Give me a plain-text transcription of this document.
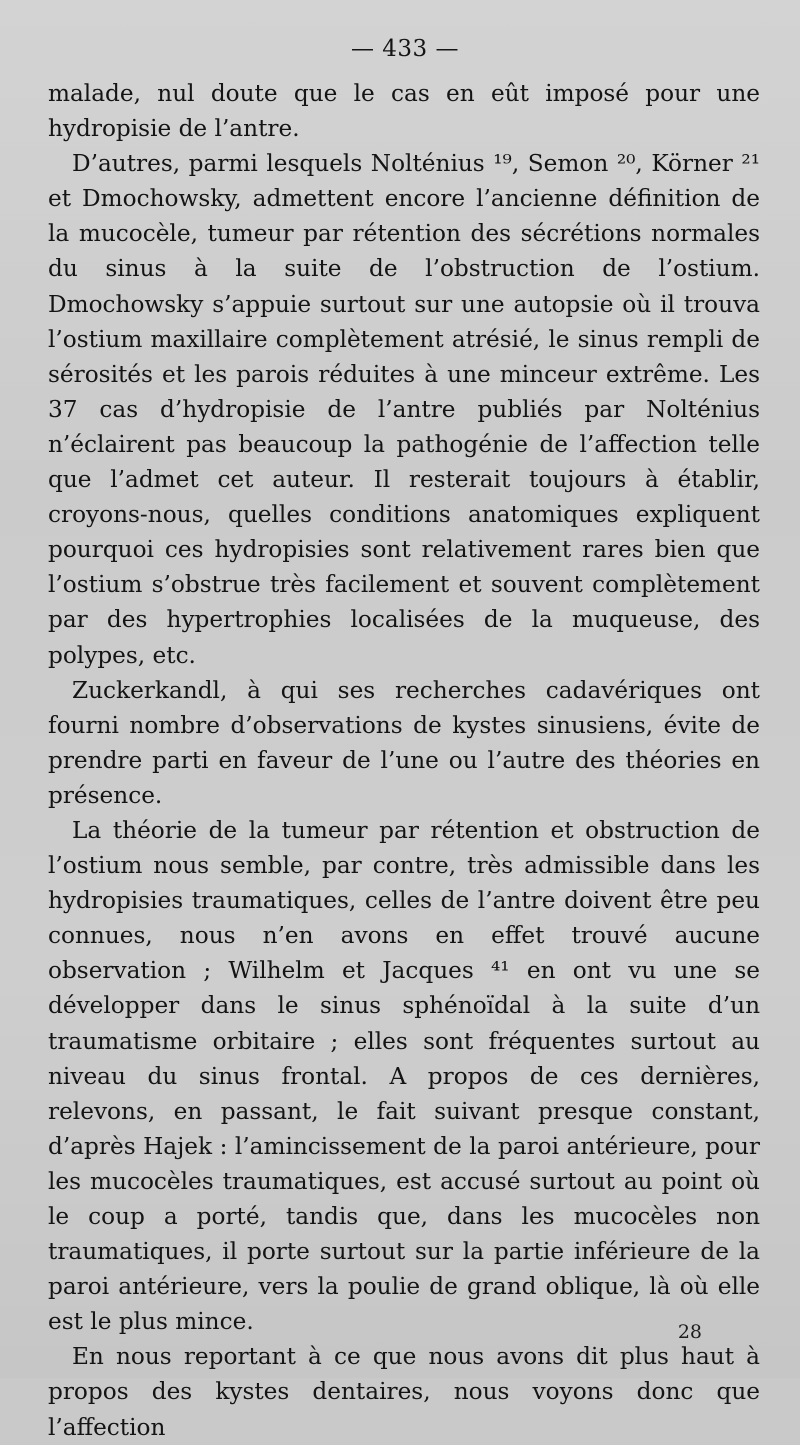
— 433 —

malade, nul doute que le cas en eût imposé pour une hydropisie de l’antre.

D’autres, parmi lesquels Nolténius ¹⁹, Semon ²⁰, Körner ²¹ et Dmochowsky, admettent encore l’ancienne définition de la mucocèle, tumeur par rétention des sécrétions normales du sinus à la suite de l’obstruction de l’ostium. Dmochowsky s’appuie surtout sur une autopsie où il trouva l’ostium maxillaire complètement atrésié, le sinus rempli de sérosités et les parois réduites à une minceur extrême. Les 37 cas d’hydropisie de l’antre publiés par Nolténius n’éclairent pas beaucoup la pathogénie de l’affection telle que l’admet cet auteur. Il resterait toujours à établir, croyons-nous, quelles conditions anatomiques expliquent pourquoi ces hydropisies sont relativement rares bien que l’ostium s’obstrue très facilement et souvent complètement par des hypertrophies localisées de la muqueuse, des polypes, etc.

Zuckerkandl, à qui ses recherches cadavériques ont fourni nombre d’observations de kystes sinusiens, évite de prendre parti en faveur de l’une ou l’autre des théories en présence.

La théorie de la tumeur par rétention et obstruction de l’ostium nous semble, par contre, très admissible dans les hydropisies traumatiques, celles de l’antre doivent être peu connues, nous n’en avons en effet trouvé aucune observation ; Wilhelm et Jacques ⁴¹ en ont vu une se développer dans le sinus sphénoïdal à la suite d’un traumatisme orbitaire ; elles sont fréquentes surtout au niveau du sinus frontal. A propos de ces dernières, relevons, en passant, le fait suivant presque constant, d’après Hajek : l’amincissement de la paroi antérieure, pour les mucocèles traumatiques, est accusé surtout au point où le coup a porté, tandis que, dans les mucocèles non traumatiques, il porte surtout sur la partie inférieure de la paroi antérieure, vers la poulie de grand oblique, là où elle est le plus mince.

En nous reportant à ce que nous avons dit plus haut à propos des kystes dentaires, nous voyons donc que l’affection

28
